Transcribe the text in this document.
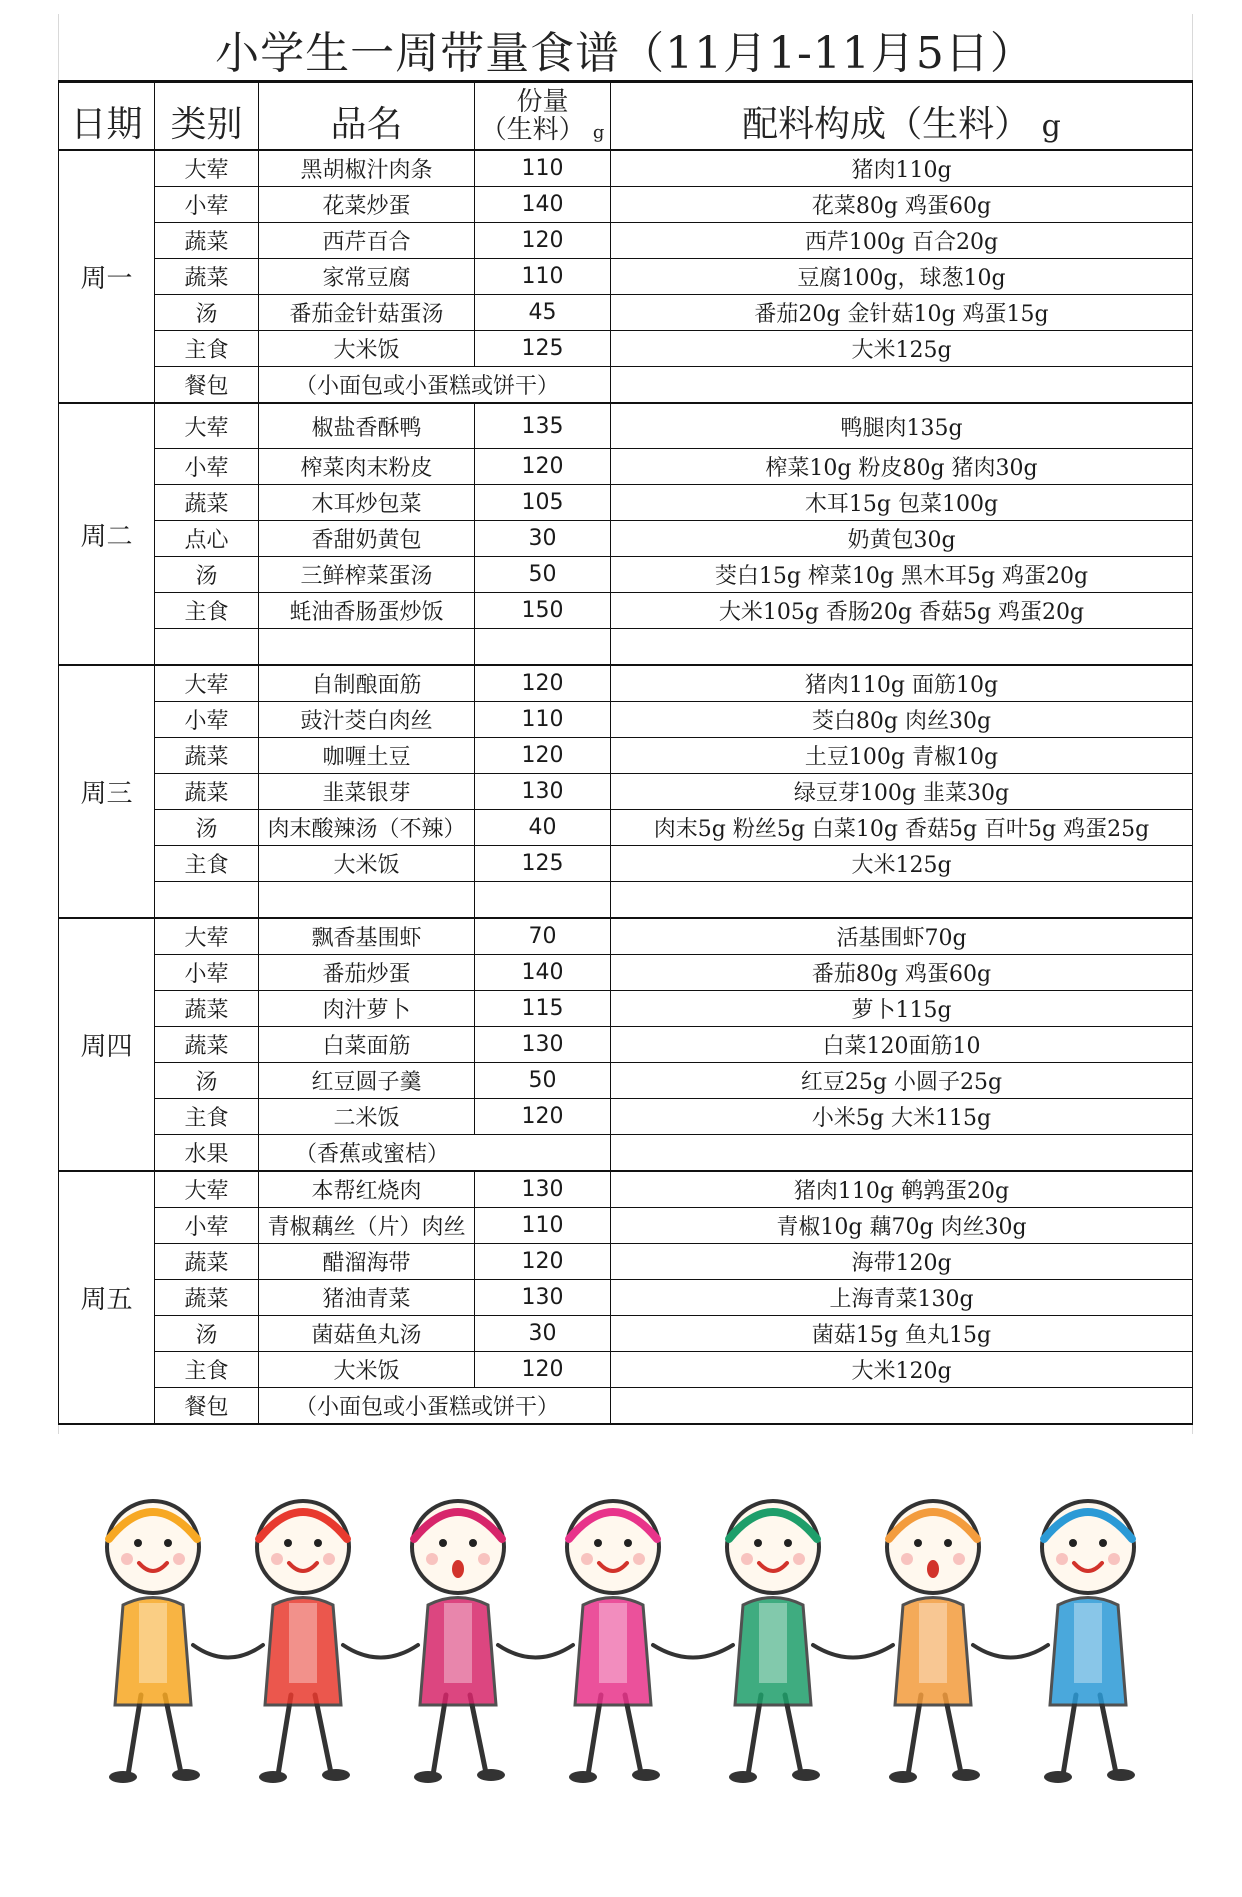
小学生一周带量食谱（11月1-11月5日）
日期	类别	品名	份量
（生料） g	配料构成（生料） g
周一	大荤	黑胡椒汁肉条	110	猪肉110g
	小荤	花菜炒蛋	140	花菜80g 鸡蛋60g
	蔬菜	西芹百合	120	西芹100g 百合20g
	蔬菜	家常豆腐	110	豆腐100g，球葱10g
	汤	番茄金针菇蛋汤	45	番茄20g 金针菇10g 鸡蛋15g
	主食	大米饭	125	大米125g
	餐包	（小面包或小蛋糕或饼干）		
周二	大荤	椒盐香酥鸭	135	鸭腿肉135g
	小荤	榨菜肉末粉皮	120	榨菜10g 粉皮80g 猪肉30g
	蔬菜	木耳炒包菜	105	木耳15g 包菜100g
	点心	香甜奶黄包	30	奶黄包30g
	汤	三鲜榨菜蛋汤	50	茭白15g 榨菜10g 黑木耳5g 鸡蛋20g
	主食	蚝油香肠蛋炒饭	150	大米105g 香肠20g 香菇5g 鸡蛋20g

周三	大荤	自制酿面筋	120	猪肉110g 面筋10g
	小荤	豉汁茭白肉丝	110	茭白80g 肉丝30g
	蔬菜	咖喱土豆	120	土豆100g 青椒10g
	蔬菜	韭菜银芽	130	绿豆芽100g 韭菜30g
	汤	肉末酸辣汤（不辣）	40	肉末5g 粉丝5g 白菜10g 香菇5g 百叶5g 鸡蛋25g
	主食	大米饭	125	大米125g

周四	大荤	飘香基围虾	70	活基围虾70g
	小荤	番茄炒蛋	140	番茄80g 鸡蛋60g
	蔬菜	肉汁萝卜	115	萝卜115g
	蔬菜	白菜面筋	130	白菜120面筋10
	汤	红豆圆子羹	50	红豆25g 小圆子25g
	主食	二米饭	120	小米5g 大米115g
	水果	（香蕉或蜜桔）		
周五	大荤	本帮红烧肉	130	猪肉110g 鹌鹑蛋20g
	小荤	青椒藕丝（片）肉丝	110	青椒10g 藕70g 肉丝30g
	蔬菜	醋溜海带	120	海带120g
	蔬菜	猪油青菜	130	上海青菜130g
	汤	菌菇鱼丸汤	30	菌菇15g 鱼丸15g
	主食	大米饭	120	大米120g
	餐包	（小面包或小蛋糕或饼干）		
